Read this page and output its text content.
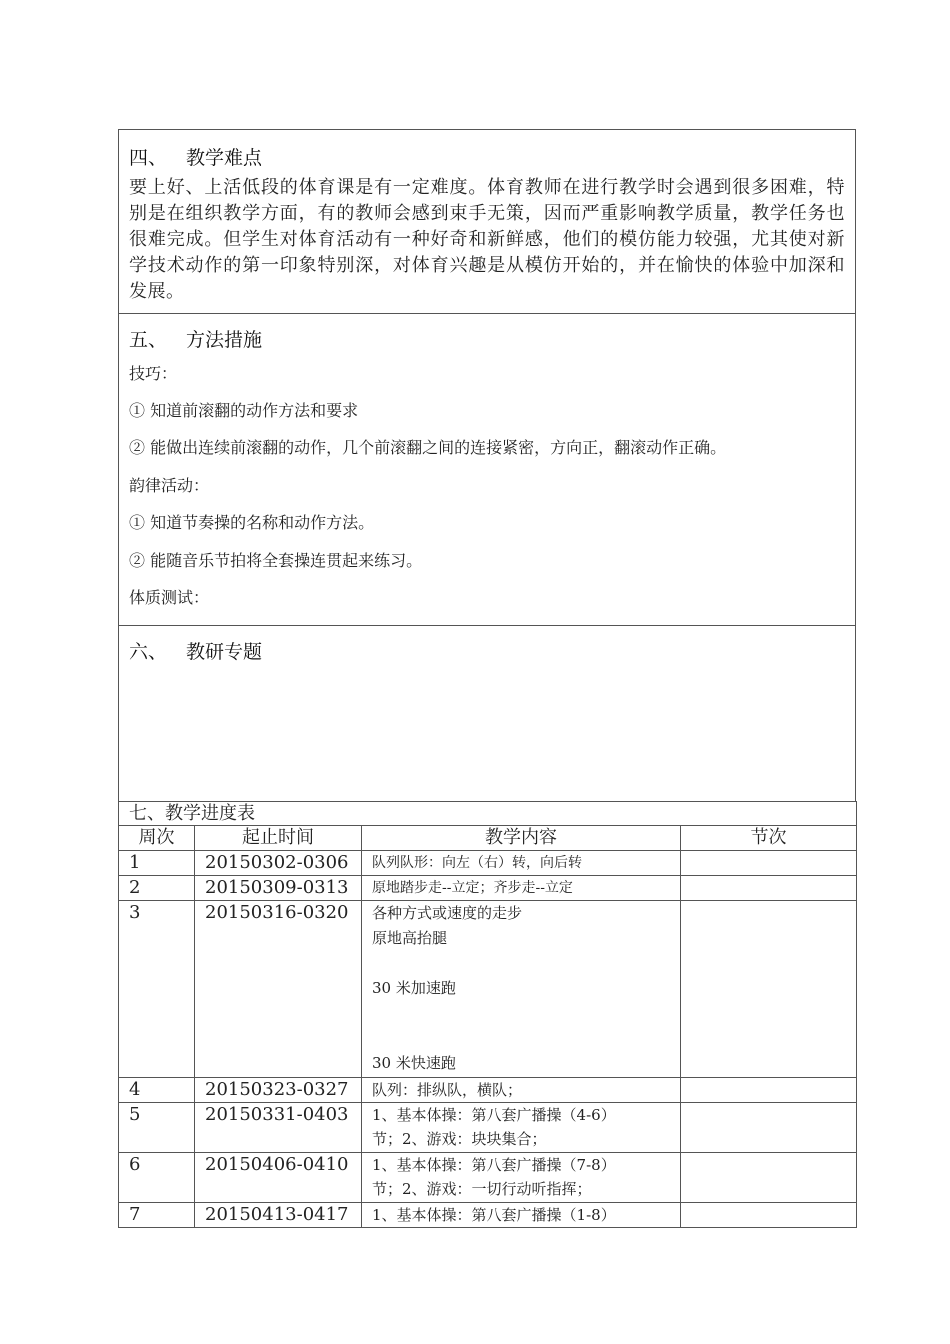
四、 教学难点
要上好、上活低段的体育课是有一定难度。体育教师在进行教学时会遇到很多困难，特别是在组织教学方面，有的教师会感到束手无策，因而严重影响教学质量，教学任务也很难完成。但学生对体育活动有一种好奇和新鲜感，他们的模仿能力较强，尤其使对新学技术动作的第一印象特别深，对体育兴趣是从模仿开始的，并在愉快的体验中加深和发展。
五、 方法措施
技巧：
① 知道前滚翻的动作方法和要求
② 能做出连续前滚翻的动作，几个前滚翻之间的连接紧密，方向正，翻滚动作正确。
韵律活动：
① 知道节奏操的名称和动作方法。
② 能随音乐节拍将全套操连贯起来练习。
体质测试：
六、 教研专题
七、教学进度表			
周次	起止时间	教学内容	节次
1	20150302-0306	队列队形：向左（右）转，向后转	

2	20150309-0313	原地踏步走--立定；齐步走--立定	

3	20150316-0320	各种方式或速度的走步
原地高抬腿
30 米加速跑
30 米快速跑	

4	20150323-0327	队列：排纵队，横队；	

5	20150331-0403	1、基本体操：第八套广播操（4-6）
节；2、游戏：块块集合；	

6	20150406-0410	1、基本体操：第八套广播操（7-8）
节；2、游戏：一切行动听指挥；	

7	20150413-0417	1、基本体操：第八套广播操（1-8）	
